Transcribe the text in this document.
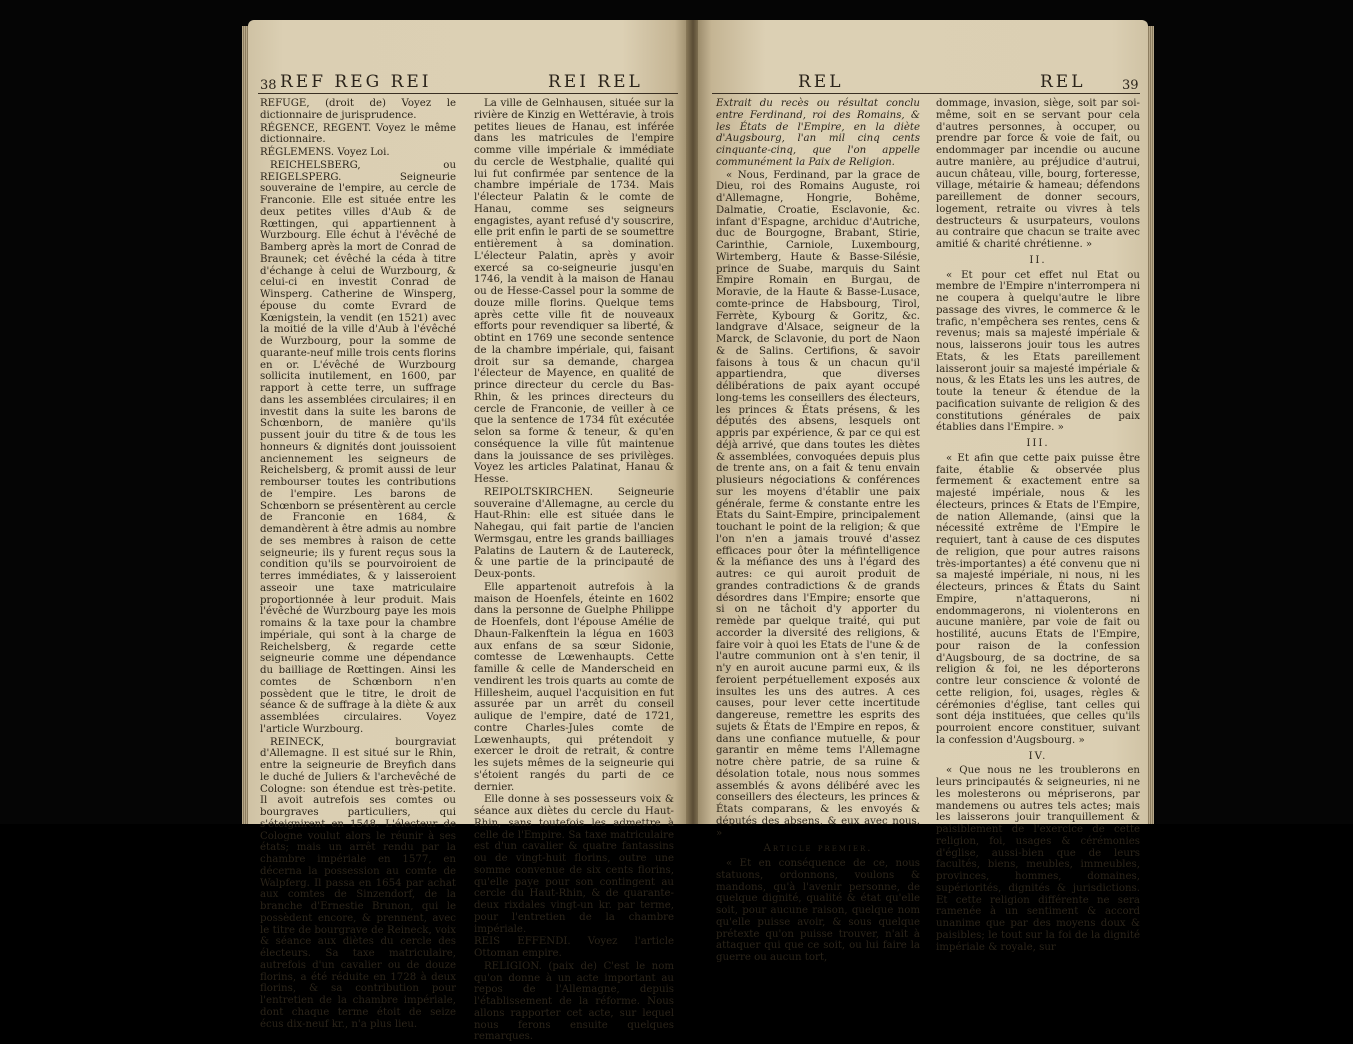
38 REF REG REI	REI REL

REFUGE, (droit de) Voyez le dictionnaire de jurisprudence.

RÉGENCE, REGENT. Voyez le même dictionnaire.

RÉGLEMENS. Voyez Loi.

REICHELSBERG, ou REIGELSPERG. Seigneurie souveraine de l'empire, au cercle de Franconie. Elle est située entre les deux petites villes d'Aub & de Rœttingen, qui appartiennent à Wurzbourg. Elle échut à l'évêché de Bamberg après la mort de Conrad de Braunek; cet évêché la céda à titre d'échange à celui de Wurzbourg, & celui-ci en investit Conrad de Winsperg. Catherine de Winsperg, épouse du comte Evrard de Kœnigstein, la vendit (en 1521) avec la moitié de la ville d'Aub à l'évêché de Wurzbourg, pour la somme de quarante-neuf mille trois cents florins en or. L'évêché de Wurzbourg sollicita inutilement, en 1600, par rapport à cette terre, un suffrage dans les assemblées circulaires; il en investit dans la suite les barons de Schœnborn, de manière qu'ils pussent jouir du titre & de tous les honneurs & dignités dont jouissoient anciennement les seigneurs de Reichelsberg, & promit aussi de leur rembourser toutes les contributions de l'empire. Les barons de Schœnborn se présentèrent au cercle de Franconie en 1684, & demandèrent à être admis au nombre de ses membres à raison de cette seigneurie; ils y furent reçus sous la condition qu'ils se pourvoiroient de terres immédiates, & y laisseroient asseoir une taxe matriculaire proportionnée à leur produit. Mais l'évêché de Wurzbourg paye les mois romains & la taxe pour la chambre impériale, qui sont à la charge de Reichelsberg, & regarde cette seigneurie comme une dépendance du bailliage de Rœttingen. Ainsi les comtes de Schœnborn n'en possèdent que le titre, le droit de séance & de suffrage à la diète & aux assemblées circulaires. Voyez l'article Wurzbourg.

REINECK, bourgraviat d'Allemagne. Il est situé sur le Rhin, entre la seigneurie de Breyfich dans le duché de Juliers & l'archevêché de Cologne: son étendue est très-petite. Il avoit autrefois ses comtes ou bourgraves particuliers, qui s'éteignirent en 1548. L'électeur de Cologne voulut alors le réunir à ses états; mais un arrêt rendu par la chambre impériale en 1577, en décerna la possession au comte de Walpferg. Il passa en 1654 par achat aux comtes de Sinzendorf, de la branche d'Ernestie Brunon, qui le possèdent encore, & prennent, avec le titre de bourgrave de Reineck, voix & séance aux diètes du cercle des électeurs. Sa taxe matriculaire, autrefois d'un cavalier ou de douze florins, a été réduite en 1728 à deux florins, & sa contribution pour l'entretien de la chambre impériale, dont chaque terme étoit de seize écus dix-neuf kr., n'a plus lieu.

La ville de Gelnhausen, située sur la rivière de Kinzig en Wettéravie, à trois petites lieues de Hanau, est inférée dans les matricules de l'empire comme ville impériale & immédiate du cercle de Westphalie, qualité qui lui fut confirmée par sentence de la chambre impériale de 1734. Mais l'électeur Palatin & le comte de Hanau, comme ses seigneurs engagistes, ayant refusé d'y souscrire, elle prit enfin le parti de se soumettre entièrement à sa domination. L'électeur Palatin, après y avoir exercé sa co-seigneurie jusqu'en 1746, la vendit à la maison de Hanau ou de Hesse-Cassel pour la somme de douze mille florins. Quelque tems après cette ville fit de nouveaux efforts pour revendiquer sa liberté, & obtint en 1769 une seconde sentence de la chambre impériale, qui, faisant droit sur sa demande, chargea l'électeur de Mayence, en qualité de prince directeur du cercle du Bas-Rhin, & les princes directeurs du cercle de Franconie, de veiller à ce que la sentence de 1734 fût exécutée selon sa forme & teneur, & qu'en conséquence la ville fût maintenue dans la jouissance de ses privilèges. Voyez les articles Palatinat, Hanau & Hesse.

REIPOLTSKIRCHEN. Seigneurie souveraine d'Allemagne, au cercle du Haut-Rhin: elle est située dans le Nahegau, qui fait partie de l'ancien Wermsgau, entre les grands bailliages Palatins de Lautern & de Lautereck, & une partie de la principauté de Deux-ponts.

Elle appartenoit autrefois à la maison de Hoenfels, éteinte en 1602 dans la personne de Guelphe Philippe de Hoenfels, dont l'épouse Amélie de Dhaun-Falkenftein la légua en 1603 aux enfans de sa sœur Sidonie, comtesse de Lœwenhaupts. Cette famille & celle de Manderscheid en vendirent les trois quarts au comte de Hillesheim, auquel l'acquisition en fut assurée par un arrêt du conseil aulique de l'empire, daté de 1721, contre Charles-Jules comte de Lœwenhaupts, qui prétendoit y exercer le droit de retrait, & contre les sujets mêmes de la seigneurie qui s'étoient rangés du parti de ce dernier.

Elle donne à ses possesseurs voix & séance aux diètes du cercle du Haut-Rhin, sans toutefois les admettre à celle de l'Empire. Sa taxe matriculaire est d'un cavalier & quatre fantassins ou de vingt-huit florins, outre une somme convenue de six cents florins, qu'elle paye pour son contingent au cercle du Haut-Rhin, & de quarante-deux rixdales vingt-un kr. par terme, pour l'entretien de la chambre impériale.

REIS EFFENDI. Voyez l'article Ottoman empire.

RELIGION. (paix de) C'est le nom qu'on donne à un acte important au repos de l'Allemagne, depuis l'établissement de la réforme. Nous allons rapporter cet acte, sur lequel nous ferons ensuite quelques remarques.

REL	REL	39

Extrait du recès ou résultat conclu entre Ferdinand, roi des Romains, & les États de l'Empire, en la diète d'Augsbourg, l'an mil cinq cents cinquante-cinq, que l'on appelle communément la Paix de Religion.

« Nous, Ferdinand, par la grace de Dieu, roi des Romains Auguste, roi d'Allemagne, Hongrie, Bohême, Dalmatie, Croatie, Esclavonie, &c. infant d'Espagne, archiduc d'Autriche, duc de Bourgogne, Brabant, Stirie, Carinthie, Carniole, Luxembourg, Wirtemberg, Haute & Basse-Silésie, prince de Suabe, marquis du Saint Empire Romain en Burgau, de Moravie, de la Haute & Basse-Lusace, comte-prince de Habsbourg, Tirol, Ferrète, Kybourg & Goritz, &c. landgrave d'Alsace, seigneur de la Marck, de Sclavonie, du port de Naon & de Salins. Certifions, & savoir faisons à tous & un chacun qu'il appartiendra, que diverses délibérations de paix ayant occupé long-tems les conseillers des électeurs, les princes & États présens, & les députés des absens, lesquels ont appris par expérience, & par ce qui est déjà arrivé, que dans toutes les diètes & assemblées, convoquées depuis plus de trente ans, on a fait & tenu envain plusieurs négociations & conférences sur les moyens d'établir une paix générale, ferme & constante entre les Etats du Saint-Empire, principalement touchant le point de la religion; & que l'on n'en a jamais trouvé d'assez efficaces pour ôter la méfintelligence & la méfiance des uns à l'égard des autres: ce qui auroit produit de grandes contradictions & de grands désordres dans l'Empire; ensorte que si on ne tâchoit d'y apporter du remède par quelque traité, qui put accorder la diversité des religions, & faire voir à quoi les Etats de l'une & de l'autre communion ont à s'en tenir, il n'y en auroit aucune parmi eux, & ils feroient perpétuellement exposés aux insultes les uns des autres. A ces causes, pour lever cette incertitude dangereuse, remettre les esprits des sujets & États de l'Empire en repos, & dans une confiance mutuelle, & pour garantir en même tems l'Allemagne notre chère patrie, de sa ruine & désolation totale, nous nous sommes assemblés & avons délibéré avec les conseillers des électeurs, les princes & États comparans, & les envoyés & députés des absens, & eux avec nous. »

Article premier.

« Et en conséquence de ce, nous statuons, ordonnons, voulons & mandons, qu'à l'avenir personne, de quelque dignité, qualité & état qu'elle soit, pour aucune raison, quelque nom qu'elle puisse avoir, & sous quelque prétexte qu'on puisse trouver, n'ait à attaquer qui que ce soit, ou lui faire la guerre ou aucun tort,

dommage, invasion, siège, soit par soi-même, soit en se servant pour cela d'autres personnes, à occuper, ou prendre par force & voie de fait, ou endommager par incendie ou aucune autre manière, au préjudice d'autrui, aucun château, ville, bourg, forteresse, village, métairie & hameau; défendons pareillement de donner secours, logement, retraite ou vivres à tels destructeurs & usurpateurs, voulons au contraire que chacun se traite avec amitié & charité chrétienne. »

II.

« Et pour cet effet nul Etat ou membre de l'Empire n'interrompera ni ne coupera à quelqu'autre le libre passage des vivres, le commerce & le trafic, n'empêchera ses rentes, cens & revenus; mais sa majesté impériale & nous, laisserons jouir tous les autres Etats, & les Etats pareillement laisseront jouir sa majesté impériale & nous, & les Etats les uns les autres, de toute la teneur & étendue de la pacification suivante de religion & des constitutions générales de paix établies dans l'Empire. »

III.

« Et afin que cette paix puisse être faite, établie & observée plus fermement & exactement entre sa majesté impériale, nous & les électeurs, princes & Etats de l'Empire, de nation Allemande, (ainsi que la nécessité extrême de l'Empire le requiert, tant à cause de ces disputes de religion, que pour autres raisons très-importantes) a été convenu que ni sa majesté impériale, ni nous, ni les électeurs, princes & États du Saint Empire, n'attaquerons, ni endommagerons, ni violenterons en aucune manière, par voie de fait ou hostilité, aucuns Etats de l'Empire, pour raison de la confession d'Augsbourg, de sa doctrine, de sa religion & foi, ne les déporterons contre leur conscience & volonté de cette religion, foi, usages, règles & cérémonies d'église, tant celles qui sont déja instituées, que celles qu'ils pourroient encore constituer, suivant la confession d'Augsbourg. »

IV.

« Que nous ne les troublerons en leurs principautés & seigneuries, ni ne les molesterons ou mépriserons, par mandemens ou autres tels actes; mais les laisserons jouir tranquillement & paisiblement de l'exercice de cette religion, foi, usages & cérémonies d'église, aussi-bien que de leurs facultés, biens, meubles, immeubles, provinces, hommes, domaines, supériorités, dignités & jurisdictions. Et cette religion différente ne sera ramenée à un sentiment & accord unanime que par des moyens doux & paisibles; le tout sur la foi de la dignité impériale & royale, sur
